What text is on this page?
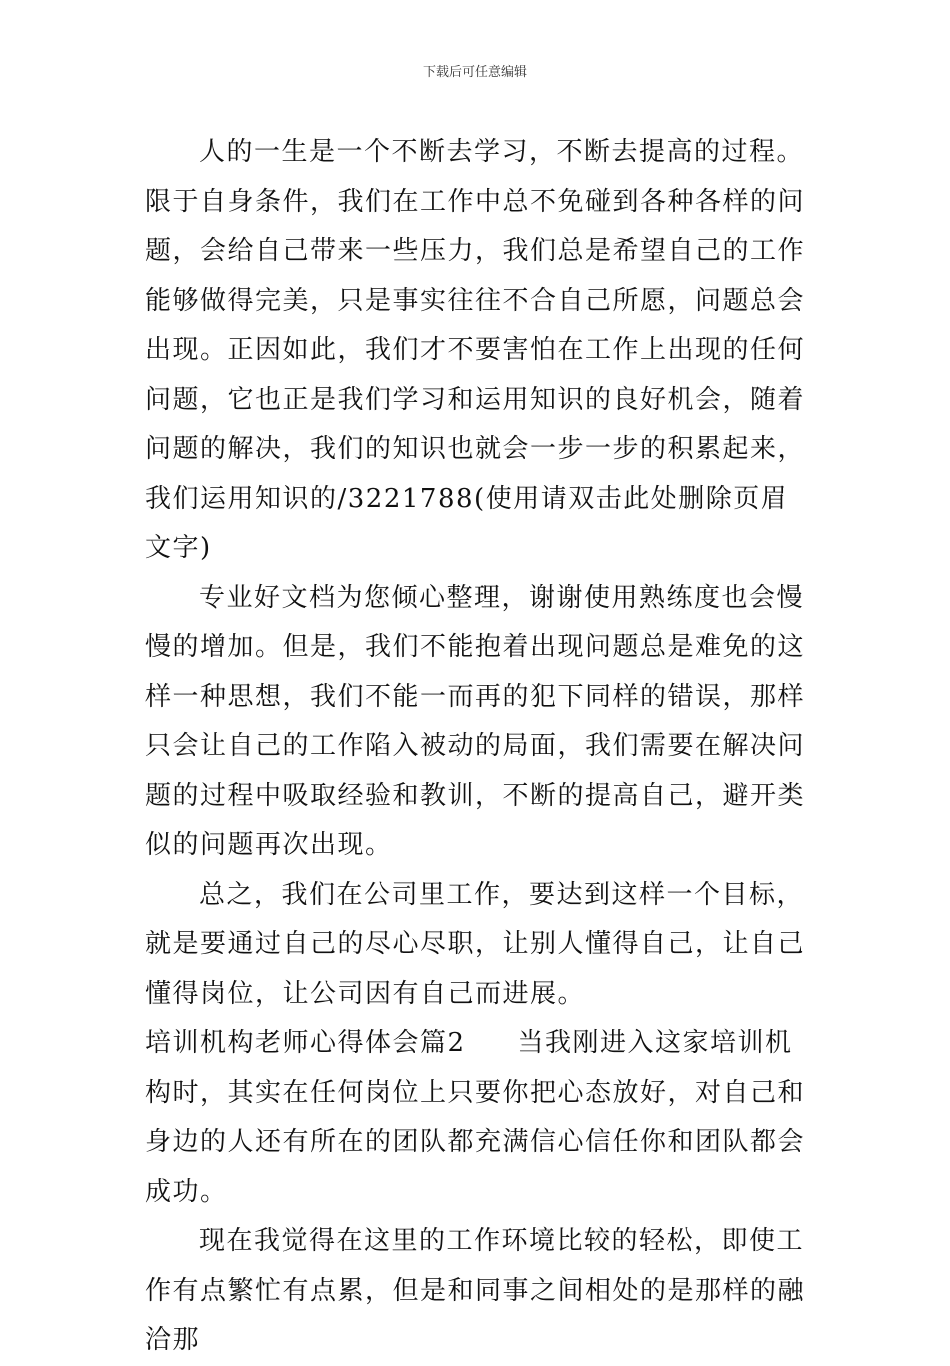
下载后可任意编辑

人的一生是一个不断去学习，不断去提高的过程。限于自身条件，我们在工作中总不免碰到各种各样的问题，会给自己带来一些压力，我们总是希望自己的工作能够做得完美，只是事实往往不合自己所愿，问题总会出现。正因如此，我们才不要害怕在工作上出现的任何问题，它也正是我们学习和运用知识的良好机会，随着问题的解决，我们的知识也就会一步一步的积累起来，我们运用知识的/3221788(使用请双击此处删除页眉文字)

专业好文档为您倾心整理，谢谢使用熟练度也会慢慢的增加。但是，我们不能抱着出现问题总是难免的这样一种思想，我们不能一而再的犯下同样的错误，那样只会让自己的工作陷入被动的局面，我们需要在解决问题的过程中吸取经验和教训，不断的提高自己，避开类似的问题再次出现。

总之，我们在公司里工作，要达到这样一个目标，就是要通过自己的尽心尽职，让别人懂得自己，让自己懂得岗位，让公司因有自己而进展。

培训机构老师心得体会篇2 当我刚进入这家培训机构时，其实在任何岗位上只要你把心态放好，对自己和身边的人还有所在的团队都充满信心信任你和团队都会成功。

现在我觉得在这里的工作环境比较的轻松，即使工作有点繁忙有点累，但是和同事之间相处的是那样的融洽那
